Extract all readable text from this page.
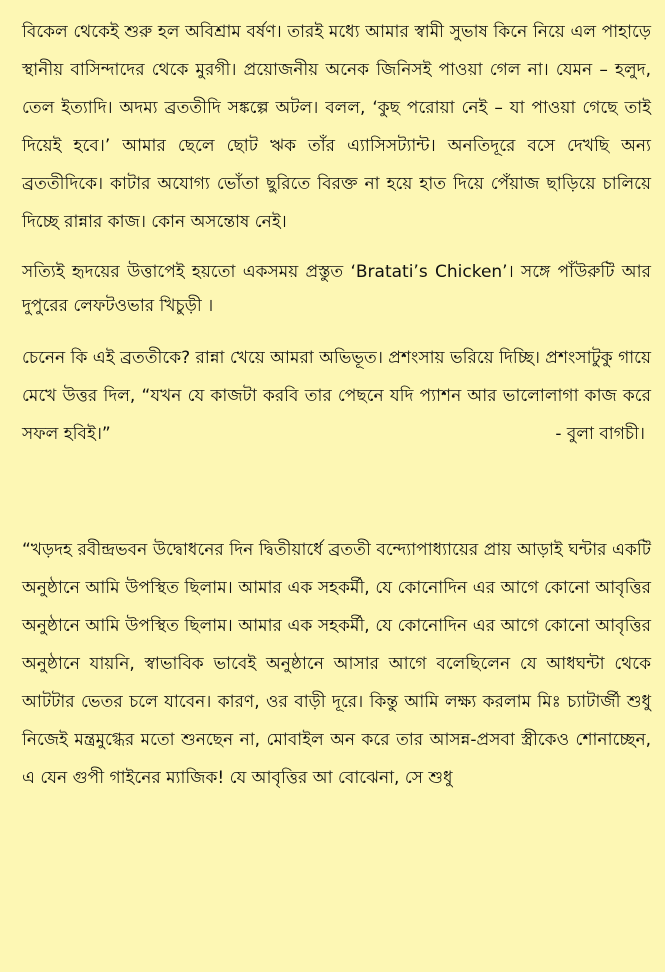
বিকেল থেকেই শুরু হল অবিশ্রাম বর্ষণ। তারই মধ্যে আমার স্বামী সুভাষ কিনে নিয়ে এল পাহাড়ে স্থানীয় বাসিন্দাদের থেকে মুরগী। প্রয়োজনীয় অনেক জিনিসই পাওয়া গেল না। যেমন – হলুদ, তেল ইত্যাদি। অদম্য ব্রততীদি সঙ্কল্পে অটল। বলল, ‘কুছ পরোয়া নেই – যা পাওয়া গেছে তাই দিয়েই হবে।’ আমার ছেলে ছোট ঋক তাঁর এ্যাসিসট্যান্ট। অনতিদূরে বসে দেখছি অন্য ব্রততীদিকে। কাটার অযোগ্য ভোঁতা ছুরিতে বিরক্ত না হয়ে হাত দিয়ে পেঁয়াজ ছাড়িয়ে চালিয়ে দিচ্ছে রান্নার কাজ। কোন অসন্তোষ নেই।

সত্যিই হৃদয়ের উত্তাপেই হয়তো একসময় প্রস্তুত ‘Bratati’s Chicken’। সঙ্গে পাঁউরুটি আর দুপুরের লেফটওভার খিচুড়ী ।

চেনেন কি এই ব্রততীকে? রান্না খেয়ে আমরা অভিভূত। প্রশংসায় ভরিয়ে দিচ্ছি। প্রশংসাটুকু গায়ে মেখে উত্তর দিল, “যখন যে কাজটা করবি তার পেছনে যদি প্যাশন আর ভালোলাগা কাজ করে সফল হবিই।”	- বুলা বাগচী।

“খড়দহ রবীন্দ্রভবন উদ্বোধনের দিন দ্বিতীয়ার্ধে ব্রততী বন্দ্যোপাধ্যায়ের প্রায় আড়াই ঘন্টার একটি অনুষ্ঠানে আমি উপস্থিত ছিলাম। আমার এক সহকর্মী, যে কোনোদিন এর আগে কোনো আবৃত্তির অনুষ্ঠানে আমি উপস্থিত ছিলাম। আমার এক সহকর্মী, যে কোনোদিন এর আগে কোনো আবৃত্তির অনুষ্ঠানে যায়নি, স্বাভাবিক ভাবেই অনুষ্ঠানে আসার আগে বলেছিলেন যে আধঘন্টা থেকে আটটার ভেতর চলে যাবেন। কারণ, ওর বাড়ী দূরে। কিন্তু আমি লক্ষ্য করলাম মিঃ চ্যাটার্জী শুধু নিজেই মন্ত্রমুগ্ধের মতো শুনছেন না, মোবাইল অন করে তার আসন্ন-প্রসবা স্ত্রীকেও শোনাচ্ছেন, এ যেন গুপী গাইনের ম্যাজিক! যে আবৃত্তির আ বোঝেনা, সে শুধু
